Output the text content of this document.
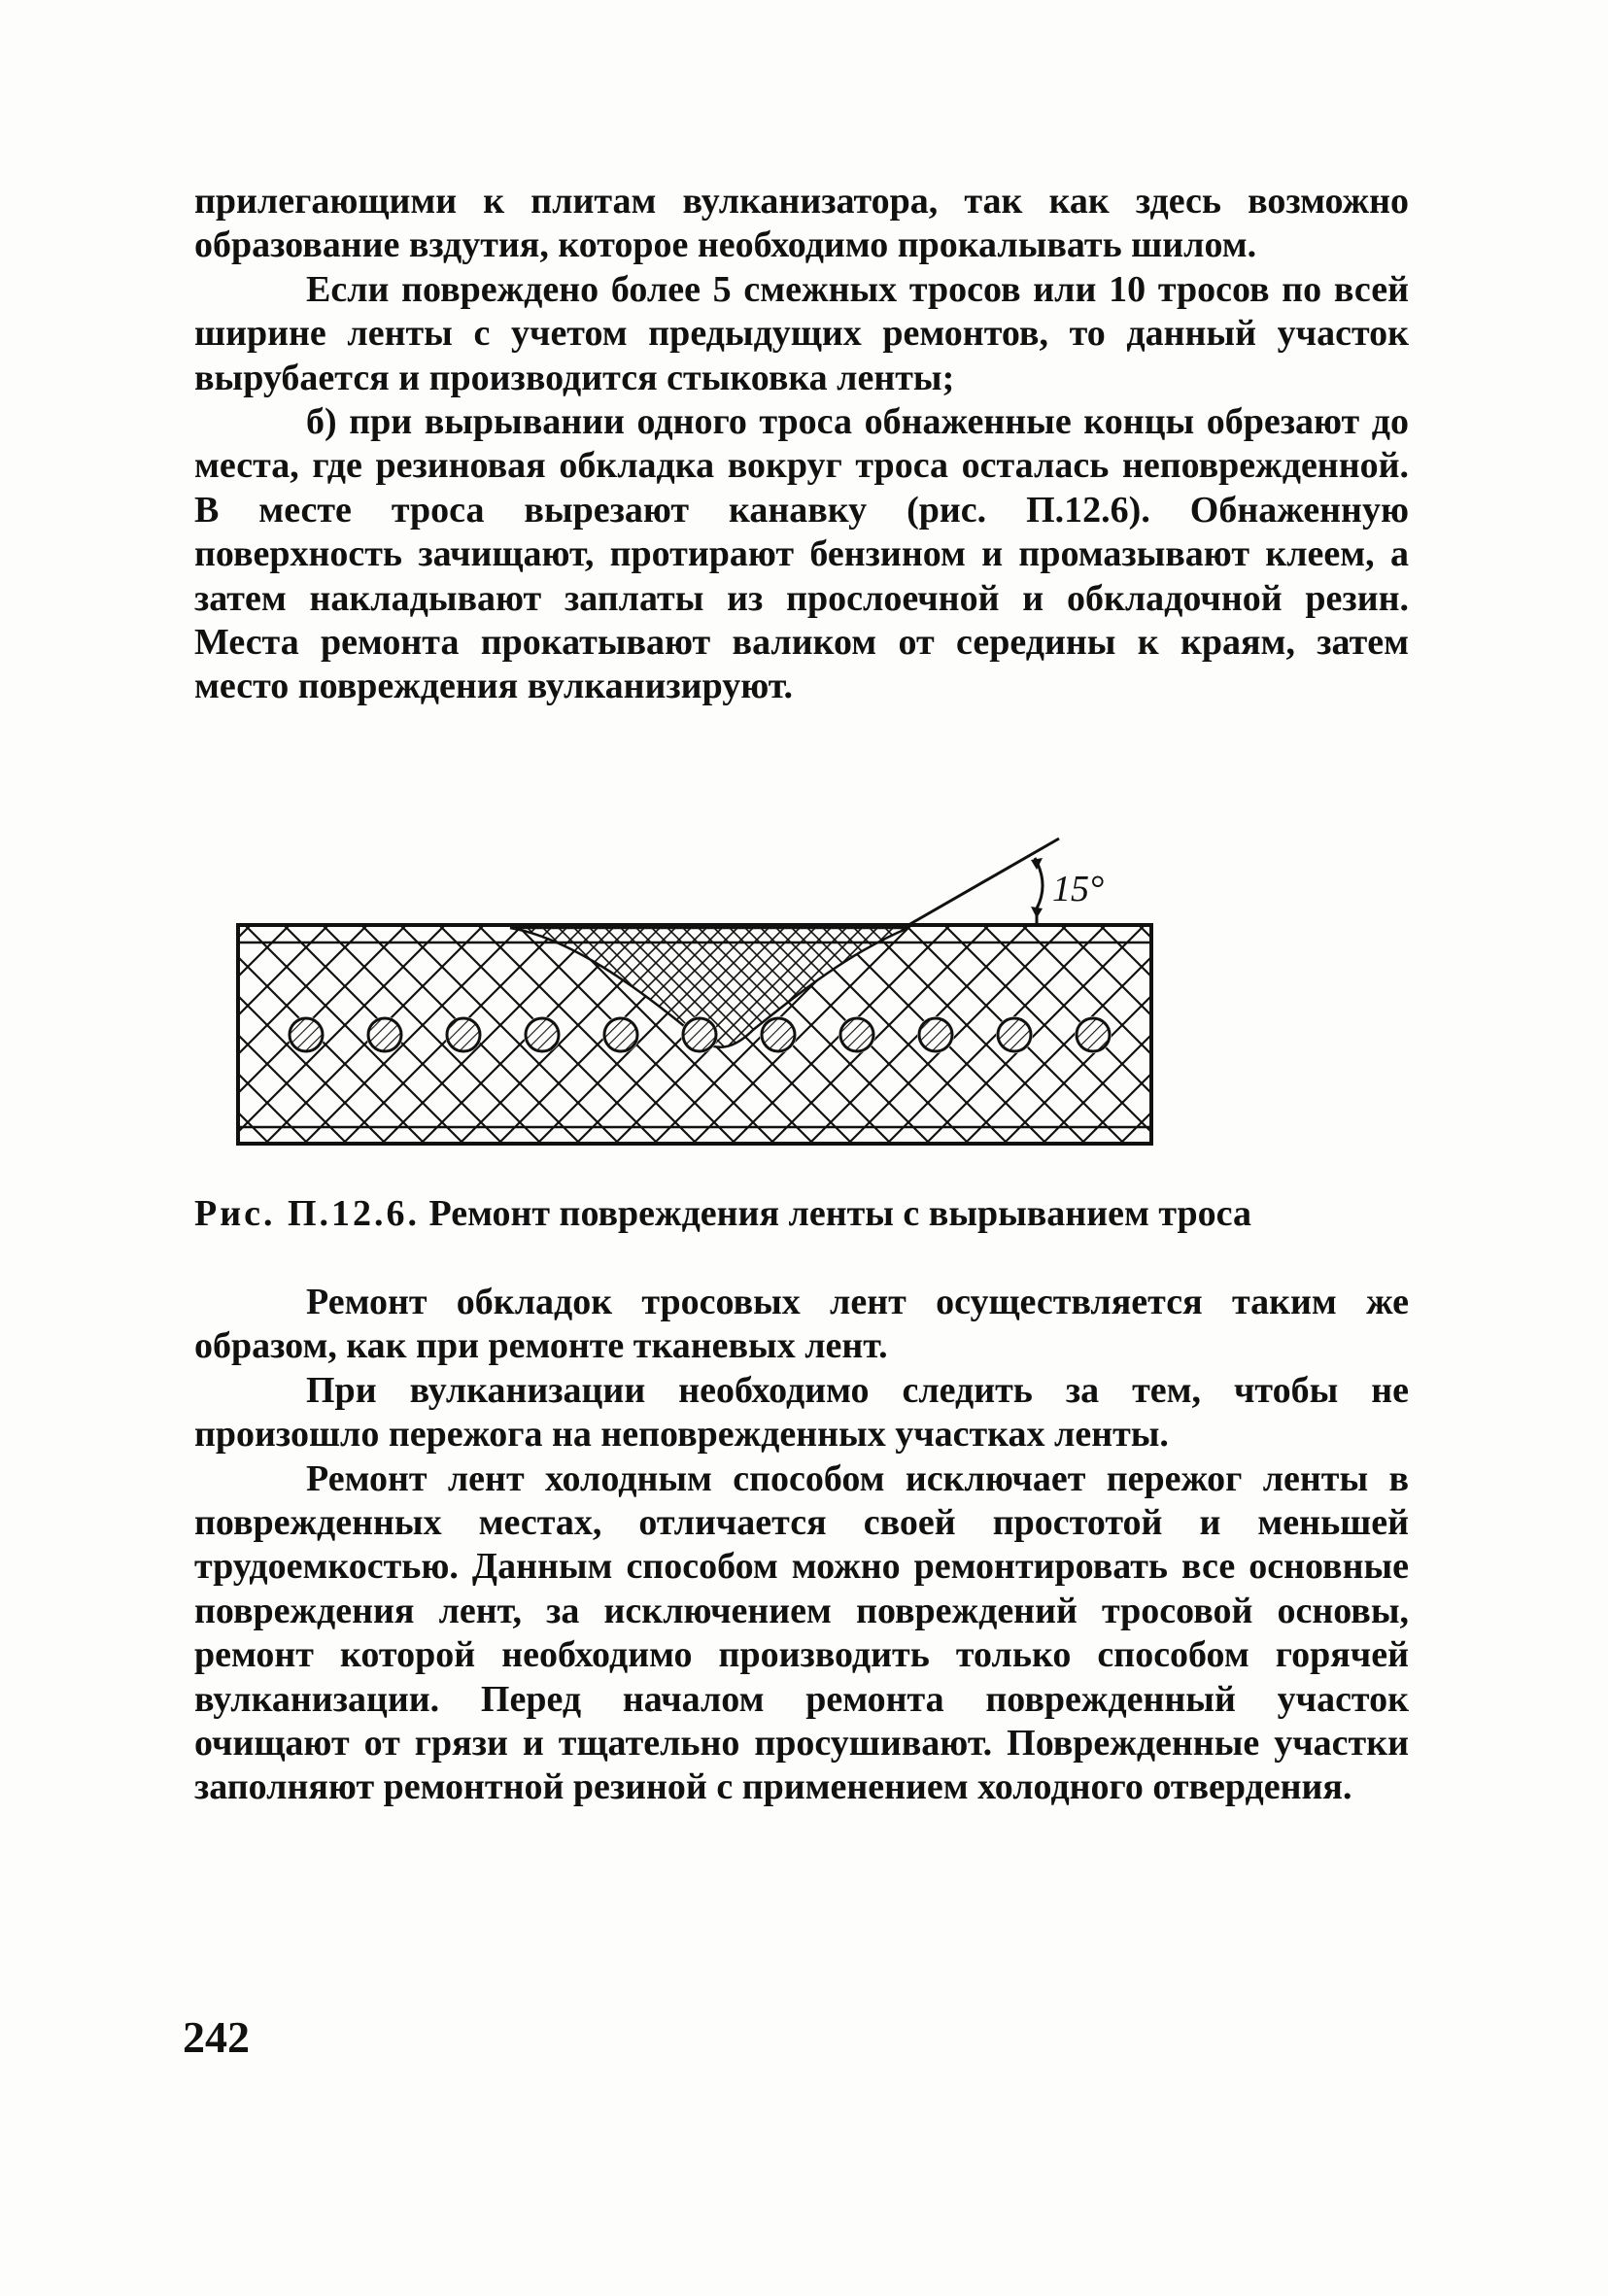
прилегающими к плитам вулканизатора, так как здесь возможно образование вздутия, которое необходимо прокалывать шилом.

Если повреждено более 5 смежных тросов или 10 тросов по всей ширине ленты с учетом предыдущих ремонтов, то данный участок вырубается и производится стыковка ленты;

б) при вырывании одного троса обнаженные концы обрезают до места, где резиновая обкладка вокруг троса осталась неповрежденной. В месте троса вырезают канавку (рис. П.12.6). Обнаженную поверхность зачищают, протирают бензином и промазывают клеем, а затем накладывают заплаты из прослоечной и обкладочной резин. Места ремонта прокатывают валиком от середины к краям, затем место повреждения вулканизируют.

15°
Рис. П.12.6. Ремонт повреждения ленты с вырыванием троса

Ремонт обкладок тросовых лент осуществляется таким же образом, как при ремонте тканевых лент.

При вулканизации необходимо следить за тем, чтобы не произошло пережога на неповрежденных участках ленты.

Ремонт лент холодным способом исключает пережог ленты в поврежденных местах, отличается своей простотой и меньшей трудоемкостью. Данным способом можно ремонтировать все основные повреждения лент, за исключением повреждений тросовой основы, ремонт которой необходимо производить только способом горячей вулканизации. Перед началом ремонта поврежденный участок очищают от грязи и тщательно просушивают. Поврежденные участки заполняют ремонтной резиной с применением холодного отвердения.

242
